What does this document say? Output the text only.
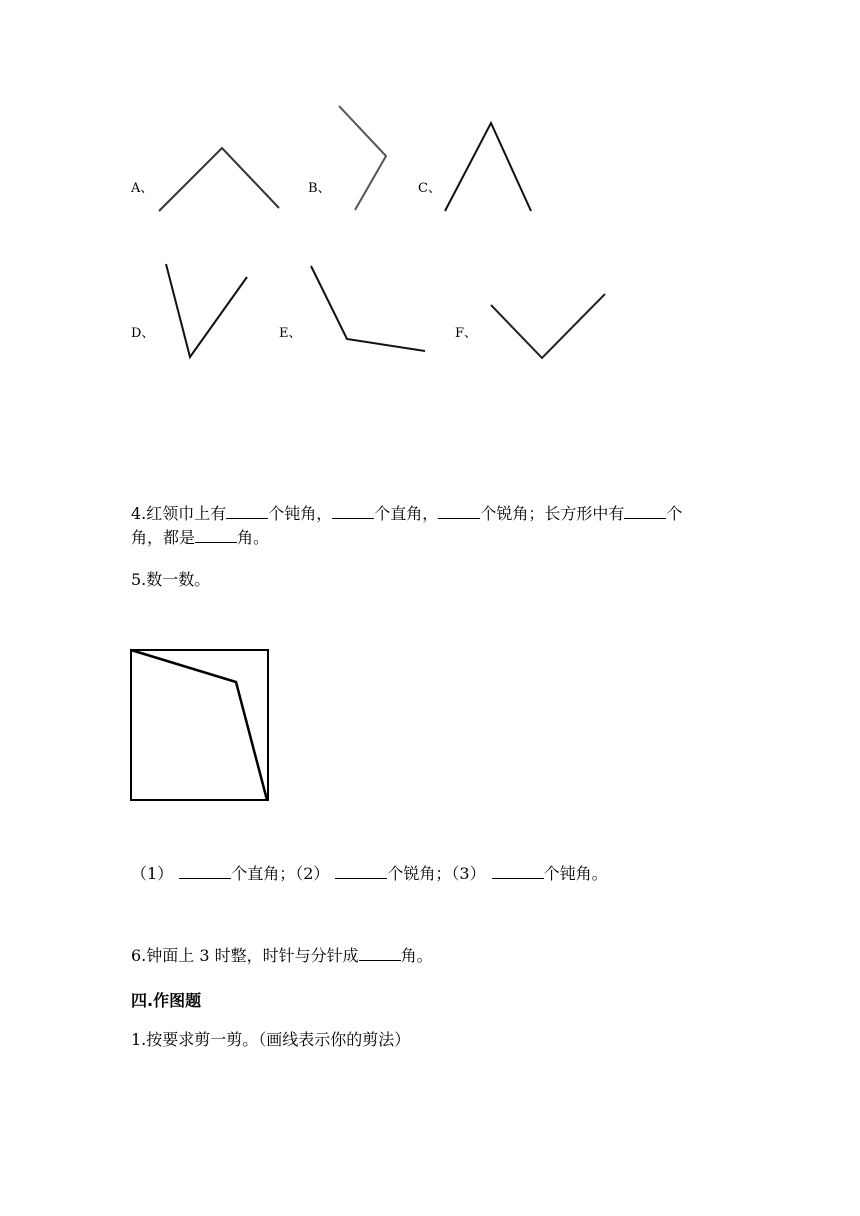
A、	B、	C、
D、	E、	F、
4.红领巾上有	个钝角，	个直角，	个锐角；长方形中有	个
角，都是	角。
5.数一数。
（1）	个直角；（2）	个锐角；（3）	个钝角。
6.钟面上 3 时整，时针与分针成	角。
四.作图题
1.按要求剪一剪。（画线表示你的剪法）
